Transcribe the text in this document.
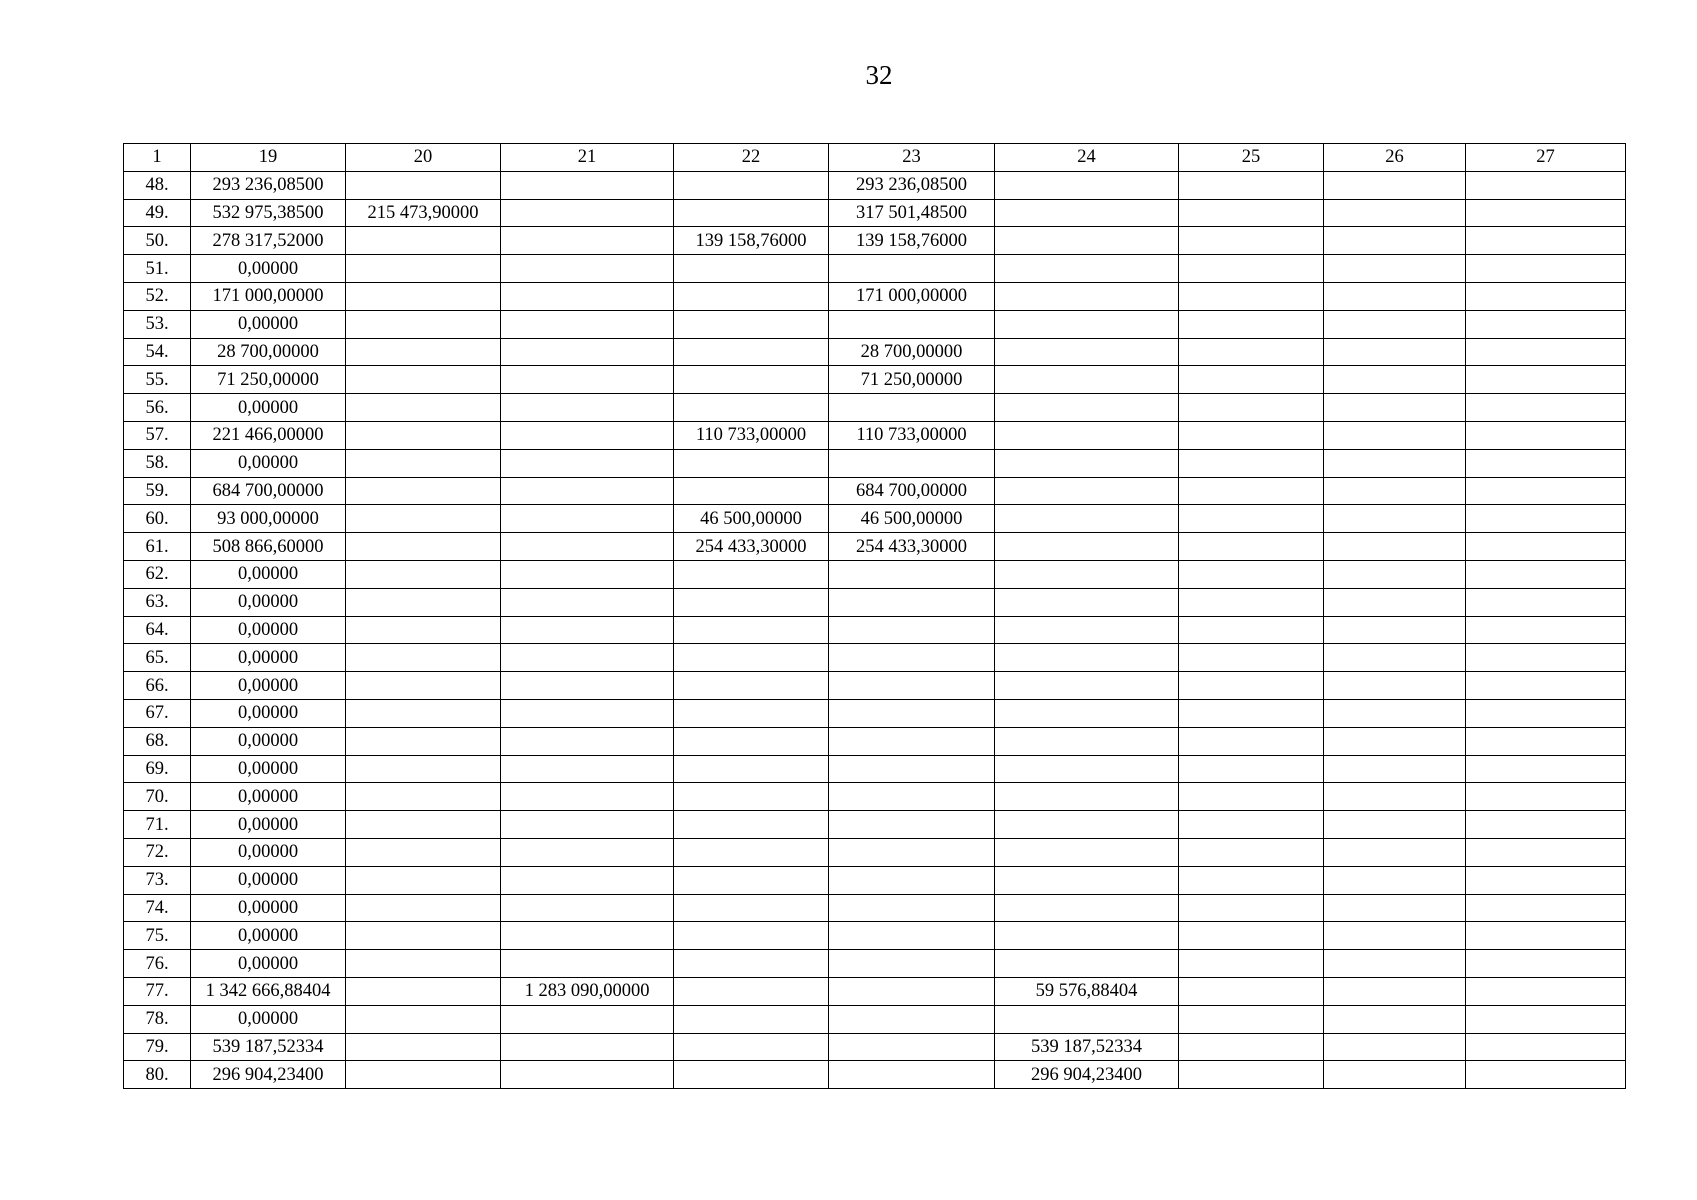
32
1	19	20	21	22	23	24	25	26	27
48.	293 236,08500				293 236,08500				
49.	532 975,38500	215 473,90000			317 501,48500				
50.	278 317,52000			139 158,76000	139 158,76000				
51.	0,00000								
52.	171 000,00000				171 000,00000				
53.	0,00000								
54.	28 700,00000				28 700,00000				
55.	71 250,00000				71 250,00000				
56.	0,00000								
57.	221 466,00000			110 733,00000	110 733,00000				
58.	0,00000								
59.	684 700,00000				684 700,00000				
60.	93 000,00000			46 500,00000	46 500,00000				
61.	508 866,60000			254 433,30000	254 433,30000				
62.	0,00000								
63.	0,00000								
64.	0,00000								
65.	0,00000								
66.	0,00000								
67.	0,00000								
68.	0,00000								
69.	0,00000								
70.	0,00000								
71.	0,00000								
72.	0,00000								
73.	0,00000								
74.	0,00000								
75.	0,00000								
76.	0,00000								
77.	1 342 666,88404		1 283 090,00000			59 576,88404			
78.	0,00000								
79.	539 187,52334					539 187,52334			
80.	296 904,23400					296 904,23400			
